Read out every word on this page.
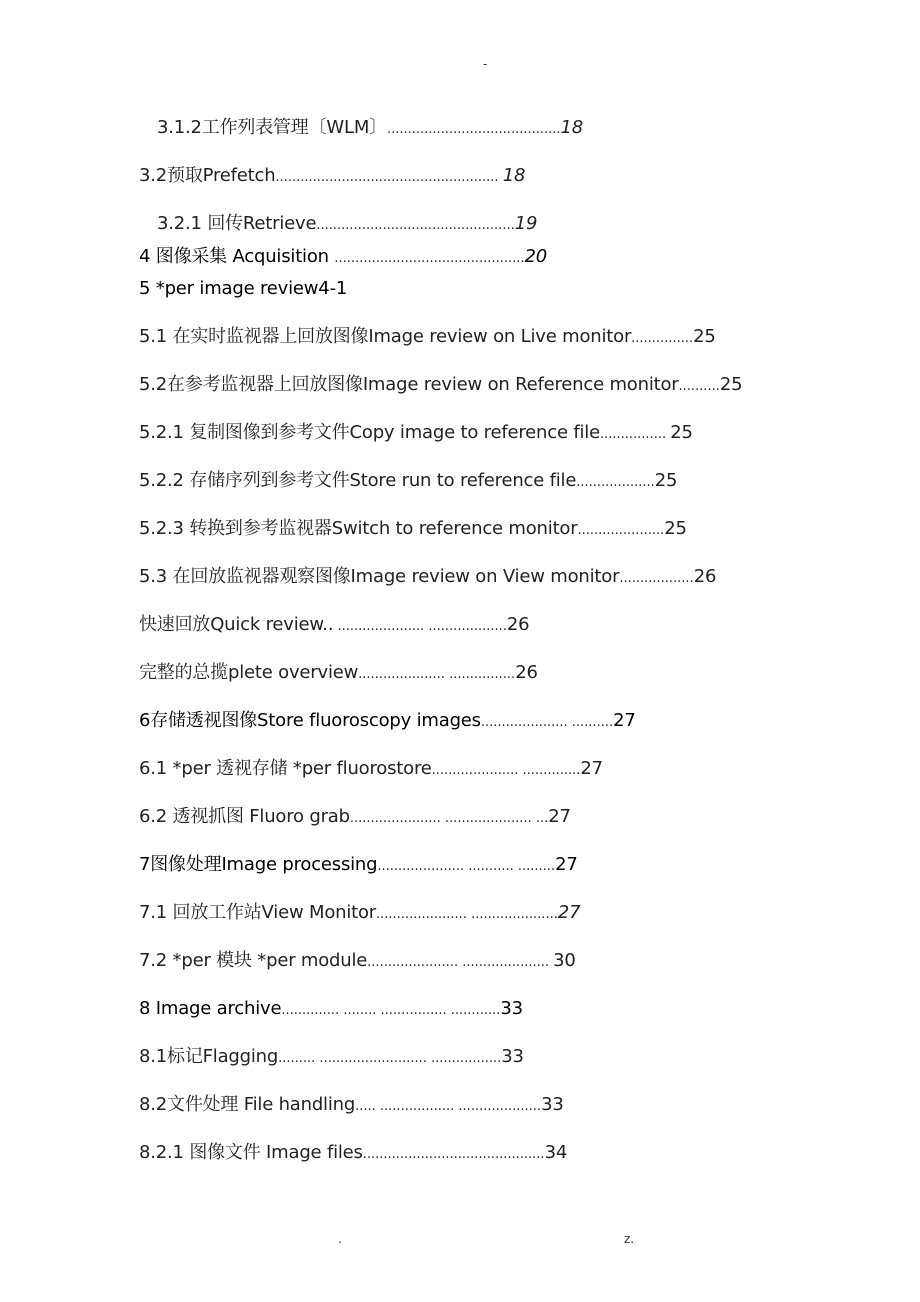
-
3.1.2工作列表管理〔WLM〕..........................................18
3.2预取Prefetch...................................................... 18
3.2.1 回传Retrieve................................................19
4 图像采集 Acquisition ..............................................20
5 *per image review4-1
5.1 在实时监视器上回放图像Image review on Live monitor...............25
5.2在参考监视器上回放图像Image review on Reference monitor..........25
5.2.1 复制图像到参考文件Copy image to reference file................ 25
5.2.2 存储序列到参考文件Store run to reference file...................25
5.2.3 转换到参考监视器Switch to reference monitor.....................25
5.3 在回放监视器观察图像Image review on View monitor..................26
快速回放Quick review.. ..................... ...................26
完整的总揽plete overview..................... ................26
6存储透视图像Store fluoroscopy images..................... ..........27
6.1 *per 透视存储 *per fluorostore..................... ..............27
6.2 透视抓图 Fluoro grab...................... ..................... ...27
7图像处理Image processing..................... ........... .........27
7.1 回放工作站View Monitor...................... .....................27
7.2 *per 模块 *per module...................... ..................... 30
8 Image archive.............. ........ ................ ............33
8.1标记Flagging......... .......................... .................33
8.2文件处理 File handling..... .................. ....................33
8.2.1 图像文件 Image files............................................34
.	z.
